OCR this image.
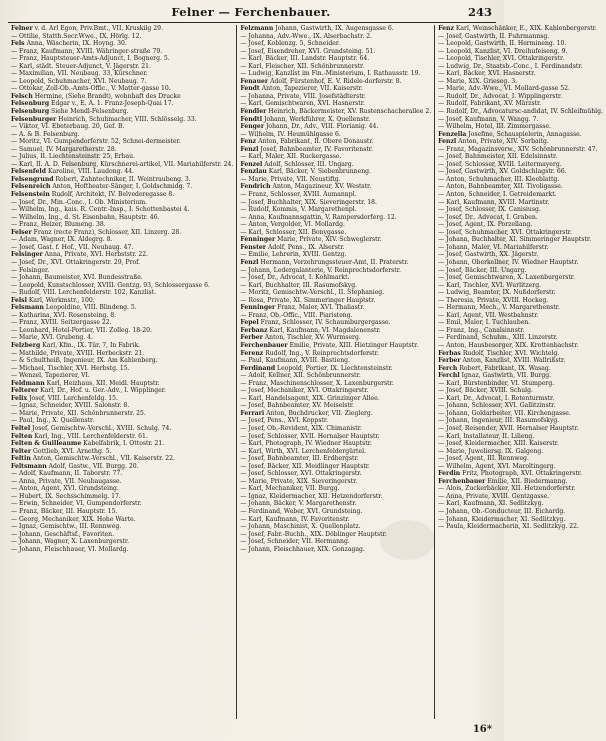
Felner — Ferchenbauer.	243

Felner v. d. Arl Egon, Priv.Bmt., VII. Kruskilg 29.

— Ottilie, Statth.Secr.Wwe., IX. Hörlg. 12.

Fels Anna, Wäscherin, IX. Hoyng. 30.

— Franz, Kaufmann, XVIII. Währinger-straße 79.

— Franz, Hauptsteuer-Amts-Adjunct, I. Bognerg. 5.

— Karl, städt. Steuer-Adjunct, V. Jägerstr. 21.

— Maximilian, VII. Neubaug. 33, Kürschner.

— Leopold, Schuhmacher, XVI. Neubaug. 7.

— Ottokar, Zoll-Ob.-Amts-Offic., V. Matter-gasse 10.

Felsch Hermine, (Siehe Brandt), wohnhaft des Drucke

Felsenburg Edgar v., E. A. 1. Franz-Joseph-Quai 17.

Felsenburg Siehe Mendl-Felsenburg.

Felsenburger Heinrich, Schuhmacher, VIII. Schlösselg. 33.

— Viktor, VI. Ebeterbaug. 20, Gef. B.

— A. & B. Felsenburg.

— Moritz, VI. Gumpendorferstr. 52, Schnei-dermeister.

— Samuel, IV. Margaretherstr. 28.

— Julius, II. Liechtensteinstr. 25, Erbau.

— Karl, II. A. D. Felsenburg, Kürschnerei-artikel, VII. Mariahilferstr. 24.

Felsenfeld Karoline, VIII. Laudong. 44.

Felsengrund Robert, Zahntechniker, II. Weintraubeng. 3.

Felsenreich Anton, Hoftheater-Sänger, I. Goldschmidg. 7.

Felsenstein Rudolf, Architekt, IV. Belvederegasse 8.

— Josef, Dr., Min.-Conc., I. Ob. Ministerium.

— Wilhelm, Ing., kais. R. Centr.-Insp., I. Schottenbastei 4.

— Wilhelm, Ing., d. St. Eisenbahn, Hauptstr. 46.

— Franz, Heizer, Blumeng. 38.

Felser Franz (recte Franz), Schlosser, XII. Linzerg. 28.

— Adam, Wagner, IX. Aldegrg. 8.

— Josef, Gast. f. Hof., VII. Neubaug. 47.

Felsinger Anna, Private, XVI. Herbststr. 22.

— Josef, Dr., XVI. Ottakringerstr. 29, Prof.

— Felsinger.

— Johann, Baumeister, XVI. Bundesstraße.

— Leopold, Kunstschlosser, XVIII. Gentzg. 93, Schlossergasse 6.

— Rudolf, VIII. Lerchenfelderstr. 102, Kanzlist.

Felsl Karl, Werkmstr., 100.

Felsmann Leopoldine, VIII. Blindeng. 5.

— Katharina, XVI. Rosensteing. 8.

— Franz, XVIII. Seitzergasse 22.

— Leonhard, Hotel-Portier, VII. Zolleg. 18-20.

— Marie, XVI. Grubeng. 4.

Felzberg Karl, Kfm., IX. Tür. 7, In Fabrik.

— Mathilde, Private, XVIII. Herbeckstr. 21.

— & Schultheiß, Ingenieur, IX. Am Kahlenberg.

— Michael, Tischler, XVI. Herbstg. 15.

— Wenzel, Tapezierer, VI.

Feldmann Karl, Heizhaus, XII. Meidl. Hauptstr.

Felterer Karl, Dr., Hof. u. Ger.-Adv., I. Wipplinger.

Felix Josef, VIII. Lerchenfeldg. 15.

— Ignaz, Schneider, XVIII. Salonstr. 8.

— Marie, Private, XII. Schönbrunnerstr. 25.

— Paul, Ing., X. Quellenstr.

Feltel Josef, Gemischtw.-Verschl., XVIII. Schulg. 74.

Felten Karl, Ing., VIII. Lerchenfelderstr. 61.

Felten & Guilleaume Kabelfabrik, I. Ottostr. 21.

Felter Gottlieb, XVI. Arnethg. 5.

Feltin Anton, Gemischtw.-Verschl., VII. Kaiserstr. 22.

Feltsmann Adolf, Gastw., VII. Burgg. 20.

— Adolf, Kaufmann, II. Taborstr. 77.

— Anna, Private, VII. Neubaugasse.

— Anton, Agent, XVI. Grundsteing.

— Hubert, IX. Sechsschimmelg. 17.

— Erwin, Schneider, VI. Gumpendorferstr.

— Franz, Bäcker, III. Hauptstr. 15.

— Georg, Mechaniker, XIX. Hohe Warte.

— Ignaz, Gemischtw., III. Rennweg.

— Johann, Geschäftsf., Favoriten.

— Johann, Wagner, X. Laxenburgerstr.

— Johann, Fleischhauer, VI. Mollardg.

Felzmann Johann, Gastwirth, IX. Augensgasse 6.

— Johanna, Adv.-Wwe., IX. Alserbachstr. 2.

— Josef, Koblenzg. 5, Schneider.

— Josef, Eisendreher, XVI. Grundsteing. 51.

— Karl, Bäcker, III. Landstr. Hauptstr. 64.

— Karl, Fleischer, XII. Schönbrunnerstr.

— Ludwig, Kanzlist im Fin.-Ministerium, I. Rathausstr. 19.

Fenauer Adolf, Fürstenhof, E. V. Ridele-dorferstr. 8.

Fendt Anton, Tapezierer, VII. Kaiserstr.

— Johanna, Private, VIII. Josefstädterstr.

— Karl, Gemischtwaren, XVI. Hasnerstr.

Fendler Heinrich, Bäckermeister, XV. Rustenschacherallee 2.

Fendtl Johann, Werkführer, X. Quellenstr.

Fenger Johann, Dr., Adv., VIII. Florianig. 44.

— Wilhelm, IV. Heumühlgasse 6.

Fenz Anton, Fabrikant, II. Obere Donaustr.

Fenzl Josef, Bahnbeamter, IV. Favoritenstr.

— Karl, Maler, XII. Ruckergasse.

Fenzel Adolf, Schlosser, III. Ungarg.

Fenzlau Karl, Bäcker, V. Siebenbrunneng.

— Marie, Private, VII. Neustiftg.

Fendrich Anton, Magazineur, XV. Weststr.

— Franz, Schlosser, XVIII. Aumannpl.

— Josef, Buchhalter, XIX. Sieveringerstr. 18.

— Rudolf, Kommis, V. Margarethenpl.

— Anna, Kaufmannsgattin, V. Rampersdorferg. 12.

— Anton, Vergolder, VI. Mollardg.

— Karl, Schlosser, XII. Bonygasse.

Fenninger Marie, Private, XIV. Schweglerstr.

Fenster Adolf, Pens., IX. Alserstr.

— Emilie, Lehrerin, XVIII. Gentzg.

Fenzl Hermann, Verzehrungssteuer-Amt, II. Praterstr.

— Johann, Ledergalanterie, V. Reinprechtsdorferstr.

— Josef, Dr., Advocat, I. Kohlmarkt.

— Karl, Buchhalter, III. Rasumofskyg.

— Moritz, Gemischtw.-Verschl., II. Stephanieg.

— Rosa, Private, XI. Simmeringer Hauptstr.

Fenninger Franz, Maler, XVI. Thaliastr.

— Franz, Ob.-Offic., VIII. Piaristeng.

Fepel Franz, Schlosser, IV. Schaumburgergasse.

Ferbanz Karl, Kaufmann, VI. Magdalenenstr.

Ferber Anton, Tischler, XV. Wurmserg.

Ferchenbauer Emilie, Private, XIII. Hietzinger Hauptstr.

Ferenz Rudolf, Ing., V. Reinprechtsdorferstr.

— Paul, Kaufmann, XVIII. Bastieng.

Ferdinand Leopold, Portier, IX. Liechtensteinstr.

— Adolf, Kellner, XII. Schönbrunnerstr.

— Franz, Maschinenschlosser, X. Laxenburgerstr.

— Josef, Mechaniker, XVI. Ottakringerstr.

— Karl, Handelsagent, XIX. Grinzinger Allee.

— Josef, Bahnbeamter, XV. Meiselstr.

Ferrari Anton, Buchdrucker, VII. Zieglerg.

— Josef, Pens., XVI. Koppstr.

— Josef, Ob.-Revident, XIX. Chimanistr.

— Josef, Schlosser, XVII. Hernalser Hauptstr.

— Karl, Photograph, IV. Wiedner Hauptstr.

— Karl, Wirth, XVI. Lerchenfeldergürtel.

— Josef, Bahnbeamter, III. Erdbergstr.

— Josef, Bäcker, XII. Meidlinger Hauptstr.

— Josef, Schlosser, XVI. Ottakringerstr.

— Marie, Private, XIX. Sieveringerstr.

— Karl, Mechaniker, VII. Burgg.

— Ignaz, Kleidermacher, XII. Hetzendorferstr.

— Johann, Bäcker, V. Margarethenstr.

— Ferdinand, Weber, XVI. Grundsteing.

— Karl, Kaufmann, IV. Favoritenstr.

— Johann, Maschinist, X. Quellenplatz.

— Josef, Fabr.-Buchh., XIX. Döblinger Hauptstr.

— Josef, Schneider, VII. Hermanng.

— Johann, Fleischhauer, XIX. Gonzagag.

Fenz Karl, Weinschänker, E., XIX. Kahlenbergerstr.

— Josef, Gastwirth, II. Fuhrmannsg.

— Leopold, Gastwirth, II. Hermineng. 10.

— Leopold, Kanzlist, VI. Dreihufeiseng. 9.

— Leopold, Tischler, XVI. Ottakringerstr.

— Ludwig, Dr., Staatsb.-Conc., I. Ferdinandstr.

— Karl, Bäcker, XVI. Hasnerstr.

— Marie, XIX. Grieseg. 3.

— Marie, Adv.-Wwe., VI. Mollard-gasse 52.

— Rudolf, Dr., Advocat, I. Wipplingerstr.

— Rudolf, Fabrikant, XV. Märzstr.

— Rudolf, Dr., Advocatursc-andidat, IV. Schleifmühlg.

— Josef, Kaufmann, V. Wangg. 7.

— Wilhelm, Hotel, III. Zimmergasse.

Fenzella Josefine, Schauspielerin, Annagasse.

Fenzl Anton, Private, XIV. Sorbaitg.

— Franz, Magazinsverw., XIV. Schönbrunnerstr. 47.

— Josef, Bahnmeister, XII. Edelsinnstr.

— Josef, Schlosser, XVIII. Leitermayerg.

— Josef, Gastwirth, XV. Goldschlagstr. 66.

— Anton, Schuhmacher, III. Kleeblattg.

— Anton, Bahnbeamter, XII. Tivoligasse.

— Anton, Schneider, I. Getreidemarkt.

— Karl, Kaufmann, XVIII. Martinstr.

— Josef, Schlosser, IX. Canisiusg.

— Josef, Dr., Advocat, I. Graben.

— Josef, Agent, IX. Porzellang.

— Josef, Schuhmacher, XVI. Ottakringerstr.

— Johann, Buchhalter, XI. Simmeringer Hauptstr.

— Johann, Maler, VI. Mariahilferstr.

— Josef, Gastwirth, XX. Jägerstr.

— Johann, Oberkellner, IV. Wiedner Hauptstr.

— Josef, Bäcker, III. Ungarg.

— Josef, Gemischtwaren, X. Laxenburgerstr.

— Karl, Tischler, XVI. Wurlitzerg.

— Ludwig, Beamter, IX. Nußdorferstr.

— Theresia, Private, XVIII. Hockeg.

— Hermann, Mech., V. Margarethenstr.

— Karl, Agent, VII. Westbahnstr.

— Emil, Maler, I. Tuchlauben.

— Franz, Ing., Canalsinnstr.

— Ferdinand, Schuhm., XIII. Linzerstr.

— Anton, Hausbesorger, XIX. Krottenbachstr.

Ferbas Rudolf, Tischler, XVI. Wichtelg.

Ferber Anton, Kanzlist, XVIII. Wallrißstr.

Ferch Robert, Fabrikant, IX. Wasag.

Ferchl Ignaz, Gastwirth, VII. Burgg.

— Karl, Bürstenbinder, VI. Stumperg.

— Josef, Bäcker, XVIII. Schulg.

— Karl, Dr., Advocat, I. Rotenturmstr.

— Johann, Schlosser, XVI. Gallitzinstr.

— Johann, Goldarbeiter, VII. Kirchengasse.

— Johann, Ingenieur, III. Rasumofskyg.

— Josef, Reisender, XVII. Hernalser Hauptstr.

— Karl, Installateur, II. Lilieng.

— Josef, Kleidermacher, XIII. Kaiserstr.

— Marie, Juweliersg. IX. Galgeng.

— Josef, Agent, III. Rennweg.

— Wilhelm, Agent, XVI. Maroltingerg.

Ferdin Fritz, Photograph, XVI. Ottakringerstr.

Ferchenbauer Emilie, XII. Biedermanng.

— Alois, Zuckerbäcker, XII. Hetzendorferstr.

— Anna, Private, XVIII. Gentzgasse.

— Karl, Kaufmann, XI. Sedlitzkyg.

— Johann, Ob.-Conducteur, III. Eichardg.

— Johann, Kleidermacher, XI. Sedlitzkyg.

— Paula, Kleidermacherin, XI. Sedlitzkyg. 22.

16*
